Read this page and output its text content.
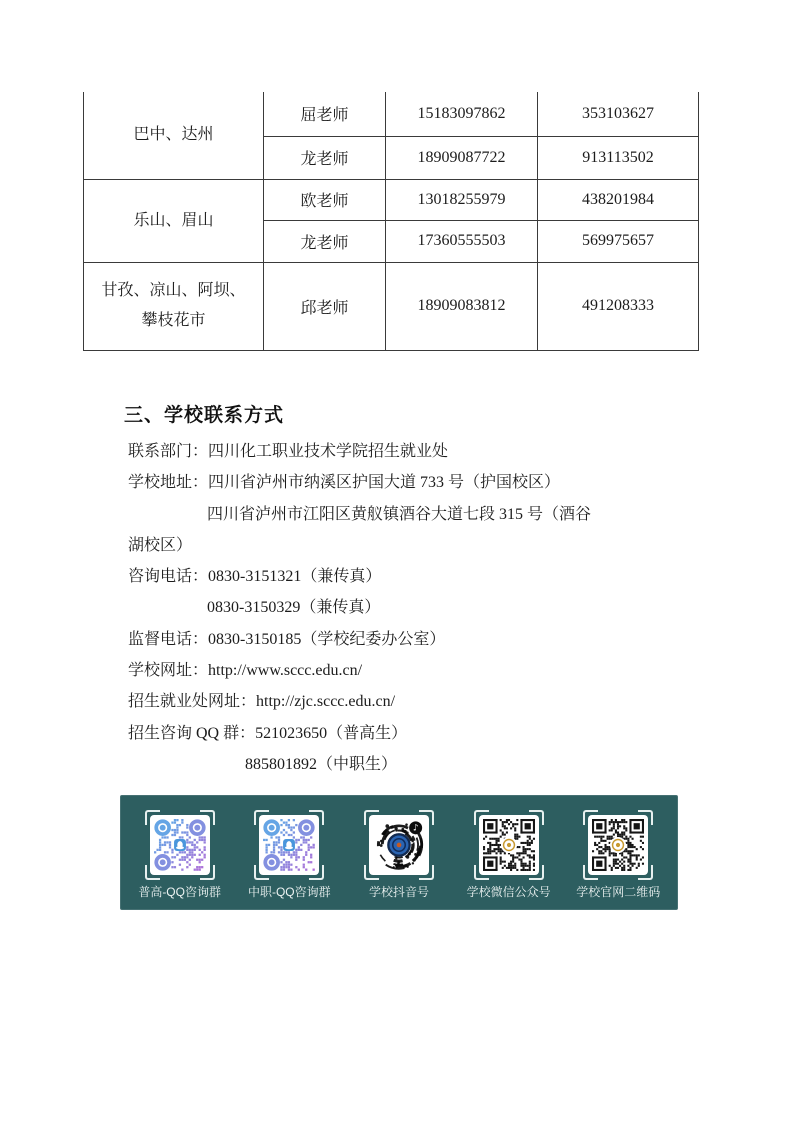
巴中、达州	屈老师	15183097862	353103627
	龙老师	18909087722	913113502

乐山、眉山	欧老师	13018255979	438201984
	龙老师	17360555503	569975657

甘孜、凉山、阿坝、
攀枝花市	邱老师	18909083812	491208333
三、学校联系方式
联系部门：四川化工职业技术学院招生就业处
学校地址：四川省泸州市纳溪区护国大道 733 号（护国校区）
四川省泸州市江阳区黄舣镇酒谷大道七段 315 号（酒谷
湖校区）
咨询电话：0830-3151321（兼传真）
0830-3150329（兼传真）
监督电话：0830-3150185（学校纪委办公室）
学校网址：http://www.sccc.edu.cn/
招生就业处网址：http://zjc.sccc.edu.cn/
招生咨询 QQ 群：521023650（普高生）
885801892（中职生）
普高-QQ咨询群 中职-QQ咨询群	学校抖音号	学校微信公众号 学校官网二维码
